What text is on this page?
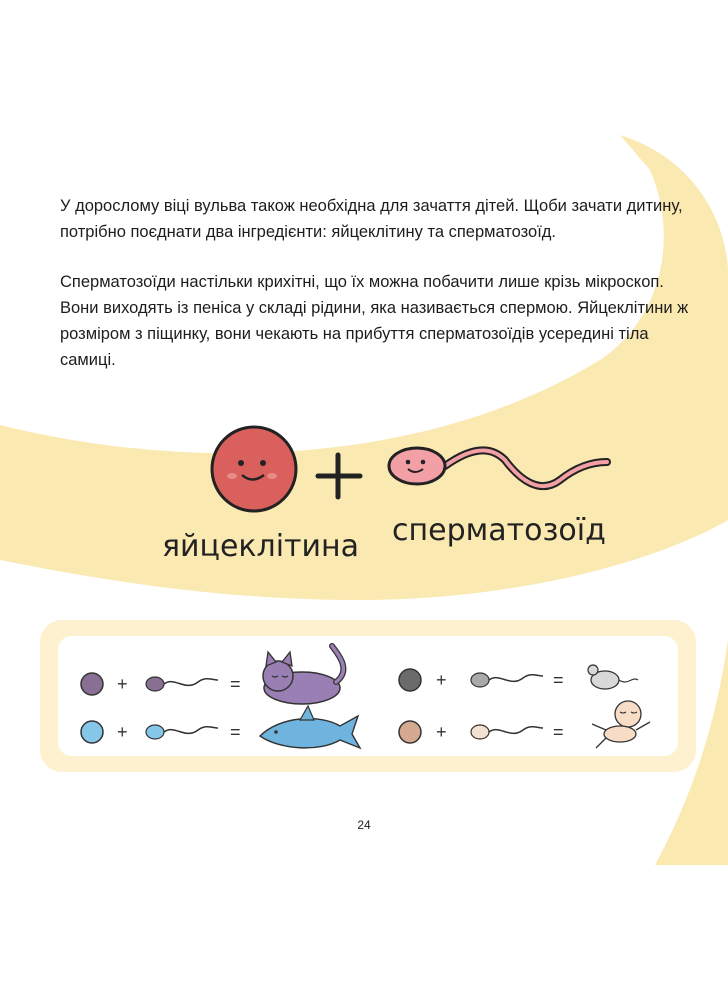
У дорослому віці вульва також необхідна для зачаття дітей. Щоби зачати дитину, потрібно поєднати два інгредієнти: яйцеклітину та сперматозоїд.

Сперматозоїди настільки крихітні, що їх можна побачити лише крізь мікроскоп. Вони виходять із пеніса у складі рідини, яка називається спермою. Яйцеклітини ж розміром з піщинку, вони чекають на прибуття сперматозоїдів усередині тіла самиці.

яйцеклітина сперматозоїд
+	=	+	=
+	=	+	=
24
